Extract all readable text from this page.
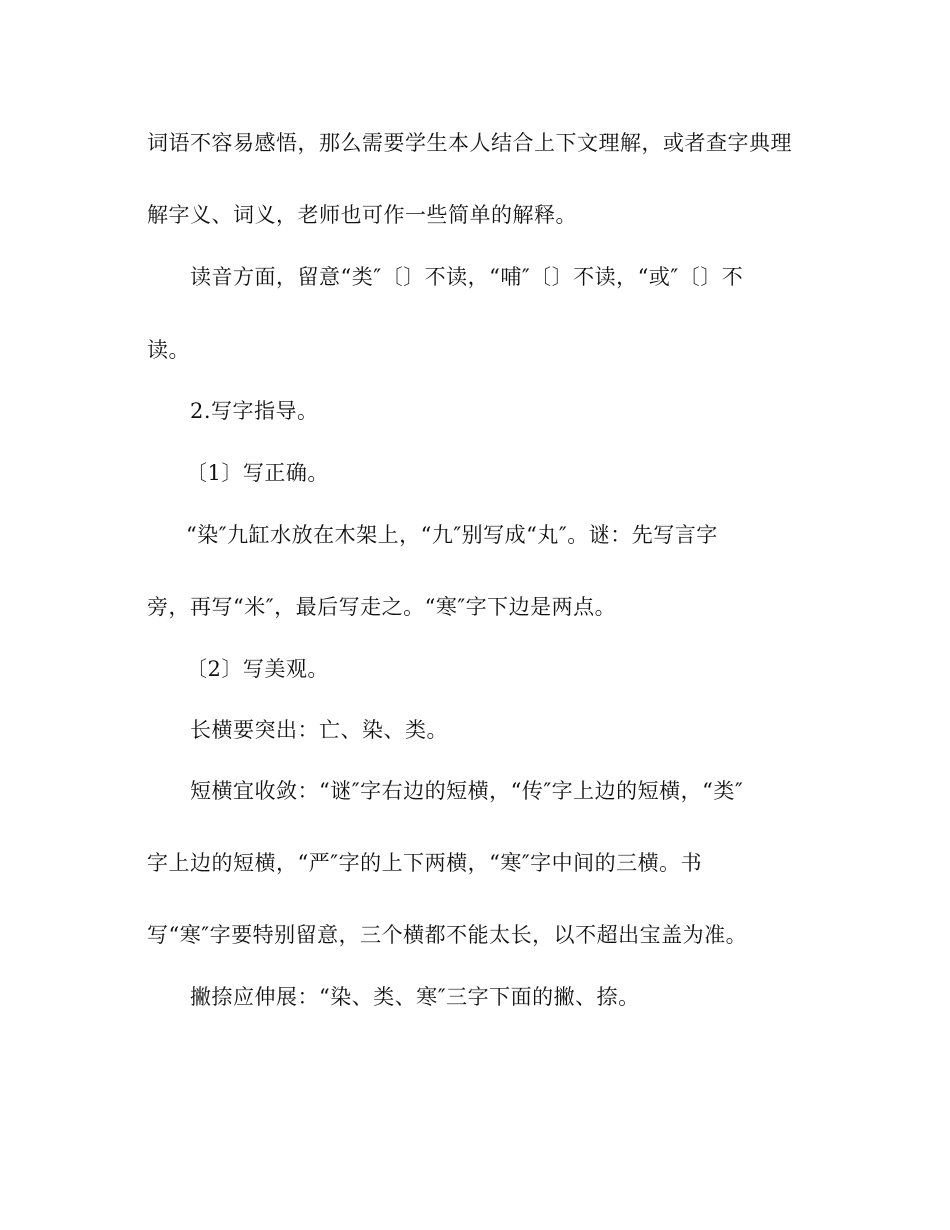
词语不容易感悟，那么需要学生本人结合上下文理解，或者查字典理

解字义、词义，老师也可作一些简单的解释。

读音方面，留意“类″〔〕不读，“哺″〔〕不读，“或″〔〕不

读。

2.写字指导。

〔1〕写正确。

“染″九缸水放在木架上，“九″别写成“丸″。谜：先写言字

旁，再写“米″，最后写走之。“寒″字下边是两点。

〔2〕写美观。

长横要突出：亡、染、类。

短横宜收敛：“谜″字右边的短横，“传″字上边的短横，“类″

字上边的短横，“严″字的上下两横，“寒″字中间的三横。书

写“寒″字要特别留意，三个横都不能太长，以不超出宝盖为准。

撇捺应伸展：“染、类、寒″三字下面的撇、捺。
